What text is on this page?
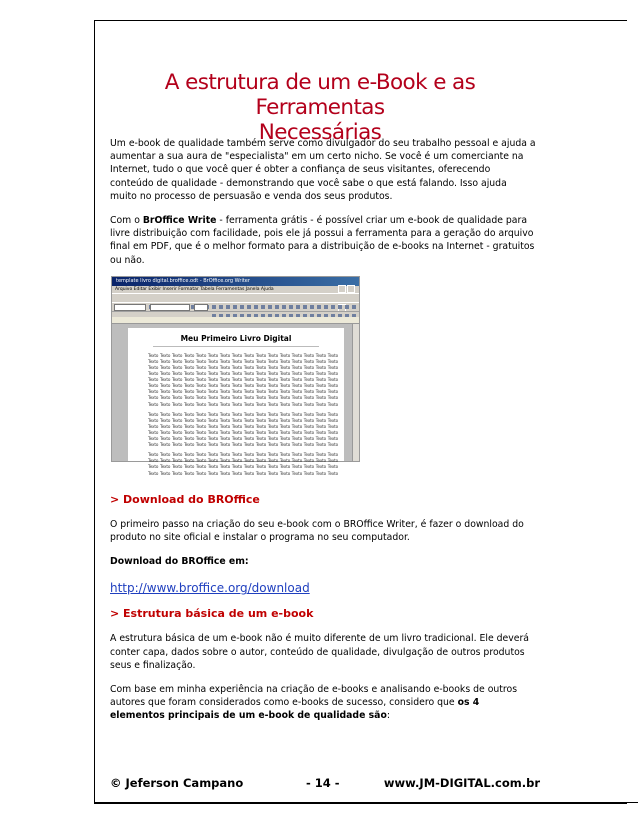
A estrutura de um e-Book e as Ferramentas
Necessárias

Um e-book de qualidade também serve como divulgador do seu trabalho pessoal e ajuda a aumentar a sua aura de "especialista" em um certo nicho. Se você é um comerciante na Internet, tudo o que você quer é obter a confiança de seus visitantes, oferecendo conteúdo de qualidade - demonstrando que você sabe o que está falando. Isso ajuda muito no processo de persuasão e venda dos seus produtos.

Com o BrOffice Write - ferramenta grátis - é possível criar um e-book de qualidade para livre distribuição com facilidade, pois ele já possui a ferramenta para a geração do arquivo final em PDF, que é o melhor formato para a distribuição de e-books na Internet - gratuitos ou não.

template livro digital.broffice.odt - BrOffice.org Writer
Arquivo Editar Exibir Inserir Formatar Tabela Ferramentas Janela Ajuda
Meu Primeiro Livro Digital
Texto Texto Texto Texto Texto Texto Texto Texto Texto Texto Texto Texto Texto Texto Texto Texto
Texto Texto Texto Texto Texto Texto Texto Texto Texto Texto Texto Texto Texto Texto Texto Texto
Texto Texto Texto Texto Texto Texto Texto Texto Texto Texto Texto Texto Texto Texto Texto Texto
Texto Texto Texto Texto Texto Texto Texto Texto Texto Texto Texto Texto Texto Texto Texto Texto
Texto Texto Texto Texto Texto Texto Texto Texto Texto Texto Texto Texto Texto Texto Texto Texto
Texto Texto Texto Texto Texto Texto Texto Texto Texto Texto Texto Texto Texto Texto Texto Texto
Texto Texto Texto Texto Texto Texto Texto Texto Texto Texto Texto Texto Texto Texto Texto Texto
Texto Texto Texto Texto Texto Texto Texto Texto Texto Texto Texto Texto Texto Texto Texto Texto
Texto Texto Texto Texto Texto Texto Texto Texto Texto Texto Texto Texto Texto Texto Texto Texto
Texto Texto Texto Texto Texto Texto Texto Texto Texto Texto Texto Texto Texto Texto Texto Texto
Texto Texto Texto Texto Texto Texto Texto Texto Texto Texto Texto Texto Texto Texto Texto Texto
Texto Texto Texto Texto Texto Texto Texto Texto Texto Texto Texto Texto Texto Texto Texto Texto
Texto Texto Texto Texto Texto Texto Texto Texto Texto Texto Texto Texto Texto Texto Texto Texto
Texto Texto Texto Texto Texto Texto Texto Texto Texto Texto Texto Texto Texto Texto Texto Texto
Texto Texto Texto Texto Texto Texto Texto Texto Texto Texto Texto Texto Texto Texto Texto Texto
Texto Texto Texto Texto Texto Texto Texto Texto Texto Texto Texto Texto Texto Texto Texto Texto
Texto Texto Texto Texto Texto Texto Texto Texto Texto Texto Texto Texto Texto Texto Texto Texto
Texto Texto Texto Texto Texto Texto Texto Texto Texto Texto Texto Texto Texto Texto Texto Texto
Texto Texto Texto Texto Texto Texto Texto Texto Texto Texto Texto Texto Texto Texto Texto Texto
> Download do BROffice

O primeiro passo na criação do seu e-book com o BROffice Writer, é fazer o download do produto no site oficial e instalar o programa no seu computador.

Download do BROffice em:

http://www.broffice.org/download
> Estrutura básica de um e-book

A estrutura básica de um e-book não é muito diferente de um livro tradicional. Ele deverá conter capa, dados sobre o autor, conteúdo de qualidade, divulgação de outros produtos seus e finalização.

Com base em minha experiência na criação de e-books e analisando e-books de outros autores que foram considerados como e-books de sucesso, considero que os 4 elementos principais de um e-book de qualidade são:

© Jeferson Campano	- 14 -	www.JM-DIGITAL.com.br
